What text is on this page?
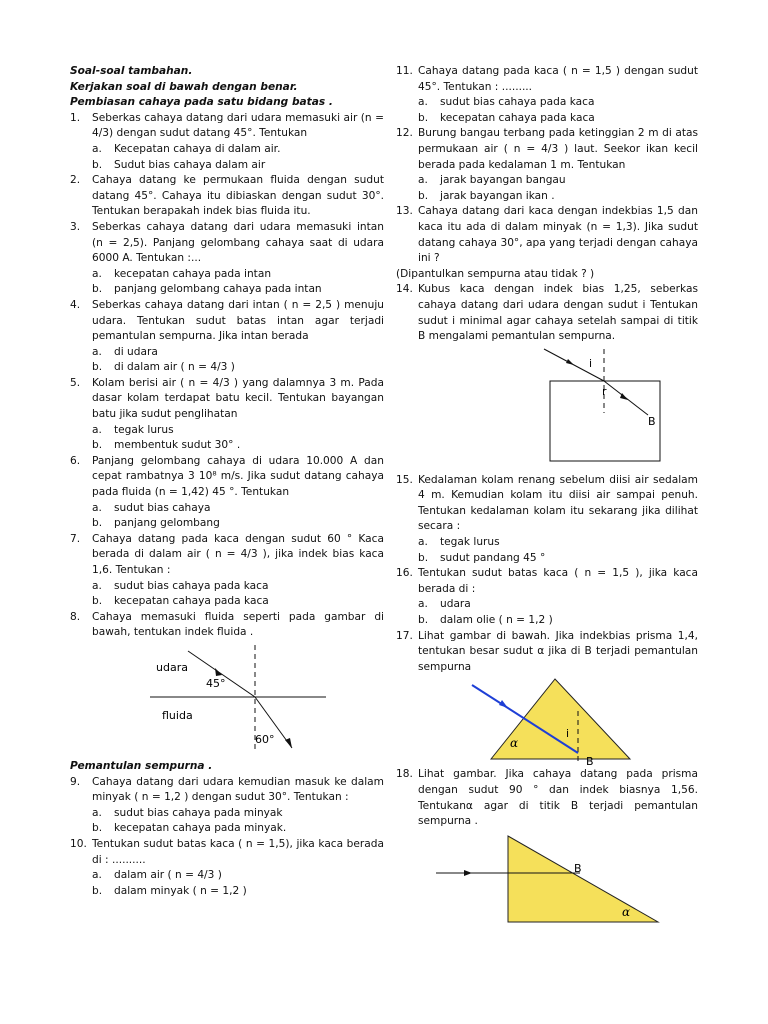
Soal-soal tambahan.
Kerjakan soal di bawah dengan benar.
Pembiasan cahaya pada satu bidang batas .
1.	Seberkas cahaya datang dari udara memasuki air (n = 4/3) dengan sudut datang 45°. Tentukan
a.	Kecepatan cahaya di dalam air.
b.	Sudut bias cahaya dalam air
2.	Cahaya datang ke permukaan fluida dengan sudut datang 45°. Cahaya itu dibiaskan dengan sudut 30°. Tentukan berapakah indek bias fluida itu.
3.	Seberkas cahaya datang dari udara memasuki intan (n = 2,5). Panjang gelombang cahaya saat di udara 6000 A. Tentukan :...
a.	kecepatan cahaya pada intan
b.	panjang gelombang cahaya pada intan
4.	Seberkas cahaya datang dari intan ( n = 2,5 ) menuju udara. Tentukan sudut batas intan agar terjadi pemantulan sempurna. Jika intan berada
a.	di udara
b.	di dalam air ( n = 4/3 )
5.	Kolam berisi air ( n = 4/3 ) yang dalamnya 3 m. Pada dasar kolam terdapat batu kecil. Tentukan bayangan batu jika sudut penglihatan
a.	tegak lurus
b.	membentuk sudut 30° .
6.	Panjang gelombang cahaya di udara 10.000 A dan cepat rambatnya 3 10⁸ m/s. Jika sudut datang cahaya pada fluida (n = 1,42) 45 °. Tentukan
a.	sudut bias cahaya
b.	panjang gelombang
7.	Cahaya datang pada kaca dengan sudut 60 ° Kaca berada di dalam air ( n = 4/3 ), jika indek bias kaca 1,6. Tentukan :
a.	sudut bias cahaya pada kaca
b.	kecepatan cahaya pada kaca
8.	Cahaya memasuki fluida seperti pada gambar di bawah, tentukan indek fluida .
udara
45°
fluida
60°
Pemantulan sempurna .
9.	Cahaya datang dari udara kemudian masuk ke dalam minyak ( n = 1,2 ) dengan sudut 30°. Tentukan :
a.	sudut bias cahaya pada minyak
b.	kecepatan cahaya pada minyak.
10. Tentukan sudut batas kaca ( n = 1,5), jika kaca berada di : ..........
a.	dalam air ( n = 4/3 )
b.	dalam minyak ( n = 1,2 )
11. Cahaya datang pada kaca ( n = 1,5 ) dengan sudut 45°. Tentukan : .........
a.	sudut bias cahaya pada kaca
b.	kecepatan cahaya pada kaca
12. Burung bangau terbang pada ketinggian 2 m di atas permukaan air ( n = 4/3 ) laut. Seekor ikan kecil berada pada kedalaman 1 m. Tentukan
a.	jarak bayangan bangau
b.	jarak bayangan ikan .
13. Cahaya datang dari kaca dengan indekbias 1,5 dan kaca itu ada di dalam minyak (n = 1,3). Jika sudut datang cahaya 30°, apa yang terjadi dengan cahaya ini ?
(Dipantulkan sempurna atau tidak ? )
14. Kubus kaca dengan indek bias 1,25, seberkas cahaya datang dari udara dengan sudut i Tentukan sudut i minimal agar cahaya setelah sampai di titik B mengalami pemantulan sempurna.
i
r
B
15. Kedalaman kolam renang sebelum diisi air sedalam 4 m. Kemudian kolam itu diisi air sampai penuh. Tentukan kedalaman kolam itu sekarang jika dilihat secara :
a.	tegak lurus
b.	sudut pandang 45 °
16. Tentukan sudut batas kaca ( n = 1,5 ), jika kaca berada di :
a.	udara
b.	dalam olie ( n = 1,2 )
17. Lihat gambar di bawah. Jika indekbias prisma 1,4, tentukan besar sudut α jika di B terjadi pemantulan sempurna
α
i
B
18. Lihat gambar. Jika cahaya datang pada prisma dengan sudut 90 ° dan indek biasnya 1,56. Tentukanα agar di titik B terjadi pemantulan sempurna .
B
α
